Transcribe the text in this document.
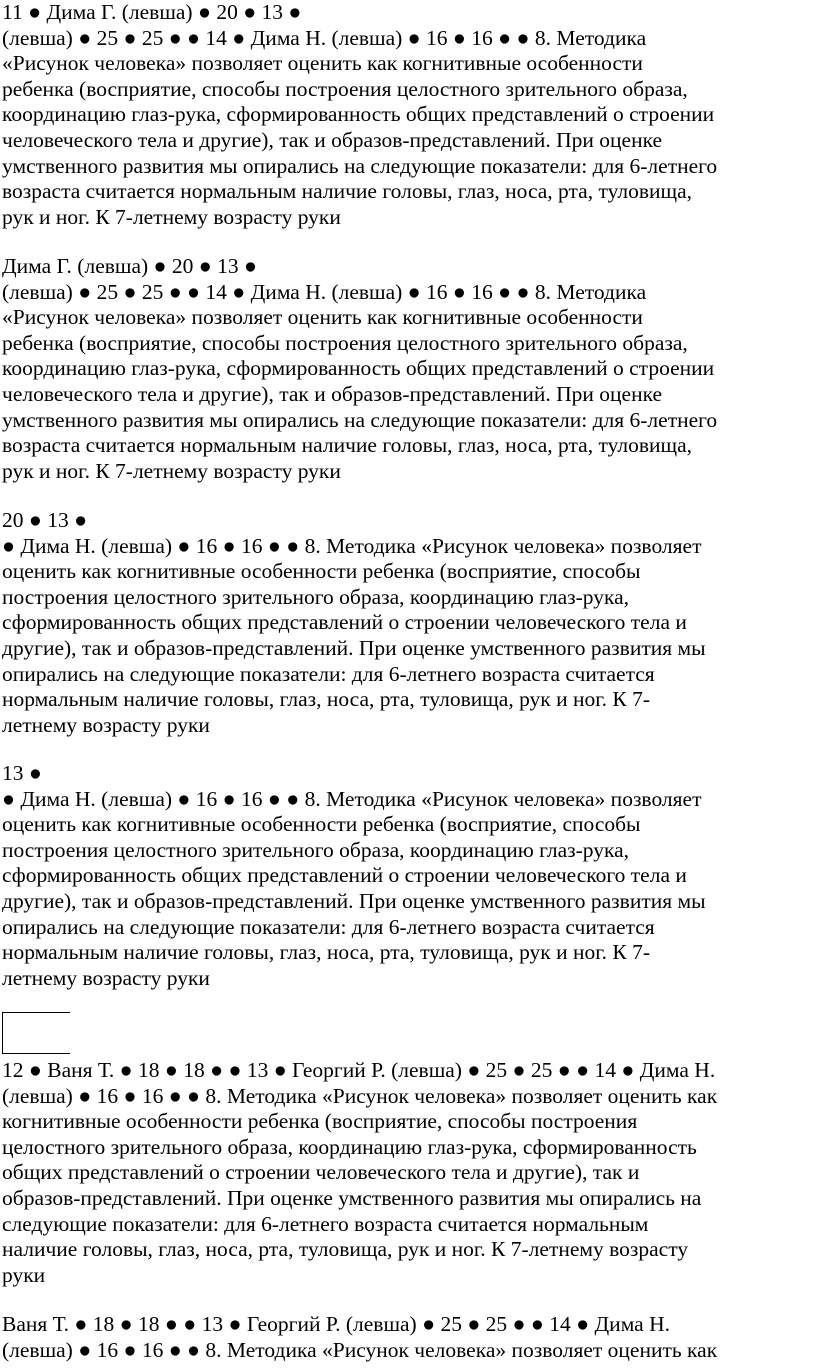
11 ● Дима Г. (левша) ● 20 ● 13 ●
(левша) ● 25 ● 25 ● ● 14 ● Дима Н. (левша) ● 16 ● 16 ● ● 8. Методика
«Рисунок человека» позволяет оценить как когнитивные особенности
ребенка (восприятие, способы построения целостного зрительного образа,
координацию глаз-рука, сформированность общих представлений о строении
человеческого тела и другие), так и образов-представлений. При оценке
умственного развития мы опирались на следующие показатели: для 6-летнего
возраста считается нормальным наличие головы, глаз, носа, рта, туловища,
рук и ног. К 7-летнему возрасту руки
Дима Г. (левша) ● 20 ● 13 ●
(левша) ● 25 ● 25 ● ● 14 ● Дима Н. (левша) ● 16 ● 16 ● ● 8. Методика
«Рисунок человека» позволяет оценить как когнитивные особенности
ребенка (восприятие, способы построения целостного зрительного образа,
координацию глаз-рука, сформированность общих представлений о строении
человеческого тела и другие), так и образов-представлений. При оценке
умственного развития мы опирались на следующие показатели: для 6-летнего
возраста считается нормальным наличие головы, глаз, носа, рта, туловища,
рук и ног. К 7-летнему возрасту руки
20 ● 13 ●
● Дима Н. (левша) ● 16 ● 16 ● ● 8. Методика «Рисунок человека» позволяет
оценить как когнитивные особенности ребенка (восприятие, способы
построения целостного зрительного образа, координацию глаз-рука,
сформированность общих представлений о строении человеческого тела и
другие), так и образов-представлений. При оценке умственного развития мы
опирались на следующие показатели: для 6-летнего возраста считается
нормальным наличие головы, глаз, носа, рта, туловища, рук и ног. К 7-
летнему возрасту руки
13 ●
● Дима Н. (левша) ● 16 ● 16 ● ● 8. Методика «Рисунок человека» позволяет
оценить как когнитивные особенности ребенка (восприятие, способы
построения целостного зрительного образа, координацию глаз-рука,
сформированность общих представлений о строении человеческого тела и
другие), так и образов-представлений. При оценке умственного развития мы
опирались на следующие показатели: для 6-летнего возраста считается
нормальным наличие головы, глаз, носа, рта, туловища, рук и ног. К 7-
летнему возрасту руки
12 ● Ваня Т. ● 18 ● 18 ● ● 13 ● Георгий Р. (левша) ● 25 ● 25 ● ● 14 ● Дима Н.
(левша) ● 16 ● 16 ● ● 8. Методика «Рисунок человека» позволяет оценить как
когнитивные особенности ребенка (восприятие, способы построения
целостного зрительного образа, координацию глаз-рука, сформированность
общих представлений о строении человеческого тела и другие), так и
образов-представлений. При оценке умственного развития мы опирались на
следующие показатели: для 6-летнего возраста считается нормальным
наличие головы, глаз, носа, рта, туловища, рук и ног. К 7-летнему возрасту
руки
Ваня Т. ● 18 ● 18 ● ● 13 ● Георгий Р. (левша) ● 25 ● 25 ● ● 14 ● Дима Н.
(левша) ● 16 ● 16 ● ● 8. Методика «Рисунок человека» позволяет оценить как
